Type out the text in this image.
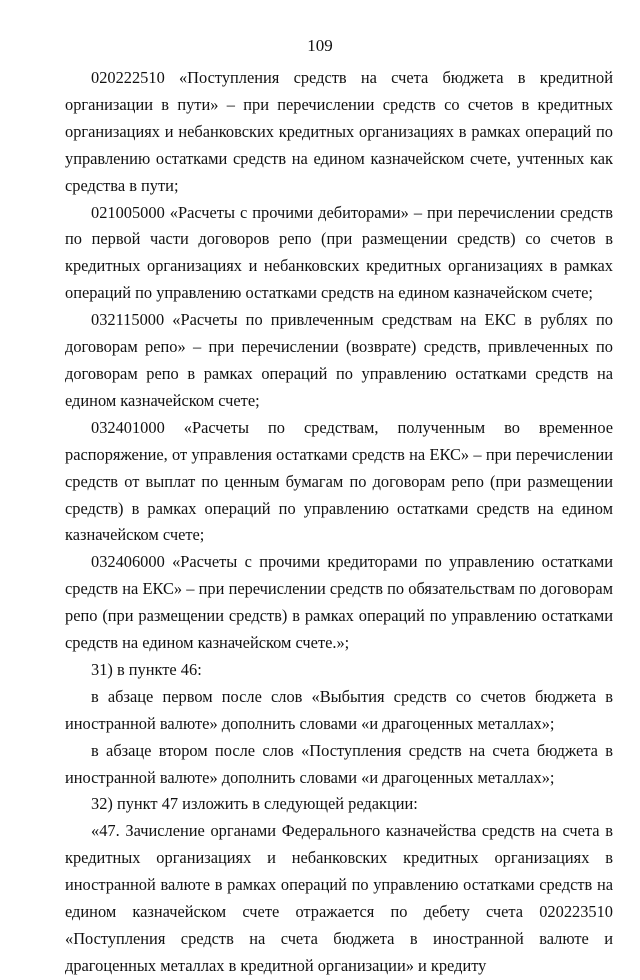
109

020222510 «Поступления средств на счета бюджета в кредитной организации в пути» – при перечислении средств со счетов в кредитных организациях и небанковских кредитных организациях в рамках операций по управлению остатками средств на едином казначейском счете, учтенных как средства в пути;

021005000 «Расчеты с прочими дебиторами» – при перечислении средств по первой части договоров репо (при размещении средств) со счетов в кредитных организациях и небанковских кредитных организациях в рамках операций по управлению остатками средств на едином казначейском счете;

032115000 «Расчеты по привлеченным средствам на ЕКС в рублях по договорам репо» – при перечислении (возврате) средств, привлеченных по договорам репо в рамках операций по управлению остатками средств на едином казначейском счете;

032401000 «Расчеты по средствам, полученным во временное распоряжение, от управления остатками средств на ЕКС» – при перечислении средств от выплат по ценным бумагам по договорам репо (при размещении средств) в рамках операций по управлению остатками средств на едином казначейском счете;

032406000 «Расчеты с прочими кредиторами по управлению остатками средств на ЕКС» – при перечислении средств по обязательствам по договорам репо (при размещении средств) в рамках операций по управлению остатками средств на едином казначейском счете.»;

31) в пункте 46:

в абзаце первом после слов «Выбытия средств со счетов бюджета в иностранной валюте» дополнить словами «и драгоценных металлах»;

в абзаце втором после слов «Поступления средств на счета бюджета в иностранной валюте» дополнить словами «и драгоценных металлах»;

32) пункт 47 изложить в следующей редакции:

«47. Зачисление органами Федерального казначейства средств на счета в кредитных организациях и небанковских кредитных организациях в иностранной валюте в рамках операций по управлению остатками средств на едином казначейском счете отражается по дебету счета 020223510 «Поступления средств на счета бюджета в иностранной валюте и драгоценных металлах в кредитной организации» и кредиту
